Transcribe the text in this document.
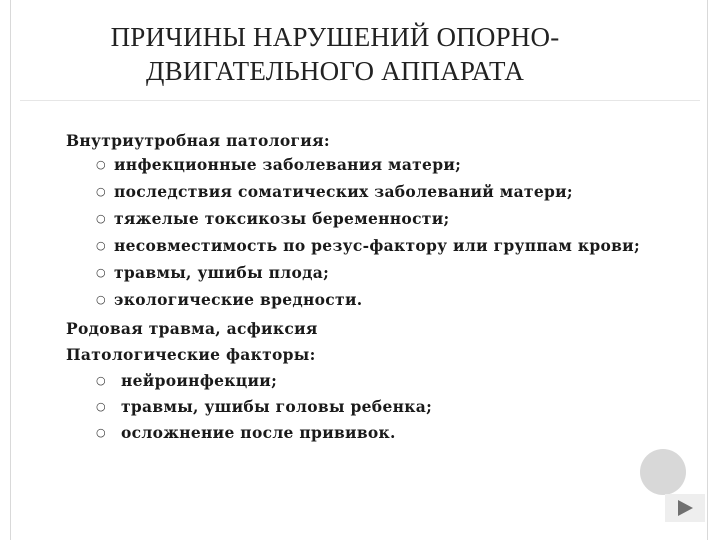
ПРИЧИНЫ НАРУШЕНИЙ ОПОРНО-
ДВИГАТЕЛЬНОГО АППАРАТА
Внутриутробная патология:
○ инфекционные заболевания матери;
○ последствия соматических заболеваний матери;
○ тяжелые токсикозы беременности;
○ несовместимость по резус-фактору или группам крови;
○ травмы, ушибы плода;
○ экологические вредности.
Родовая травма, асфиксия
Патологические факторы:
○ нейроинфекции;
○ травмы, ушибы головы ребенка;
○ осложнение после прививок.
